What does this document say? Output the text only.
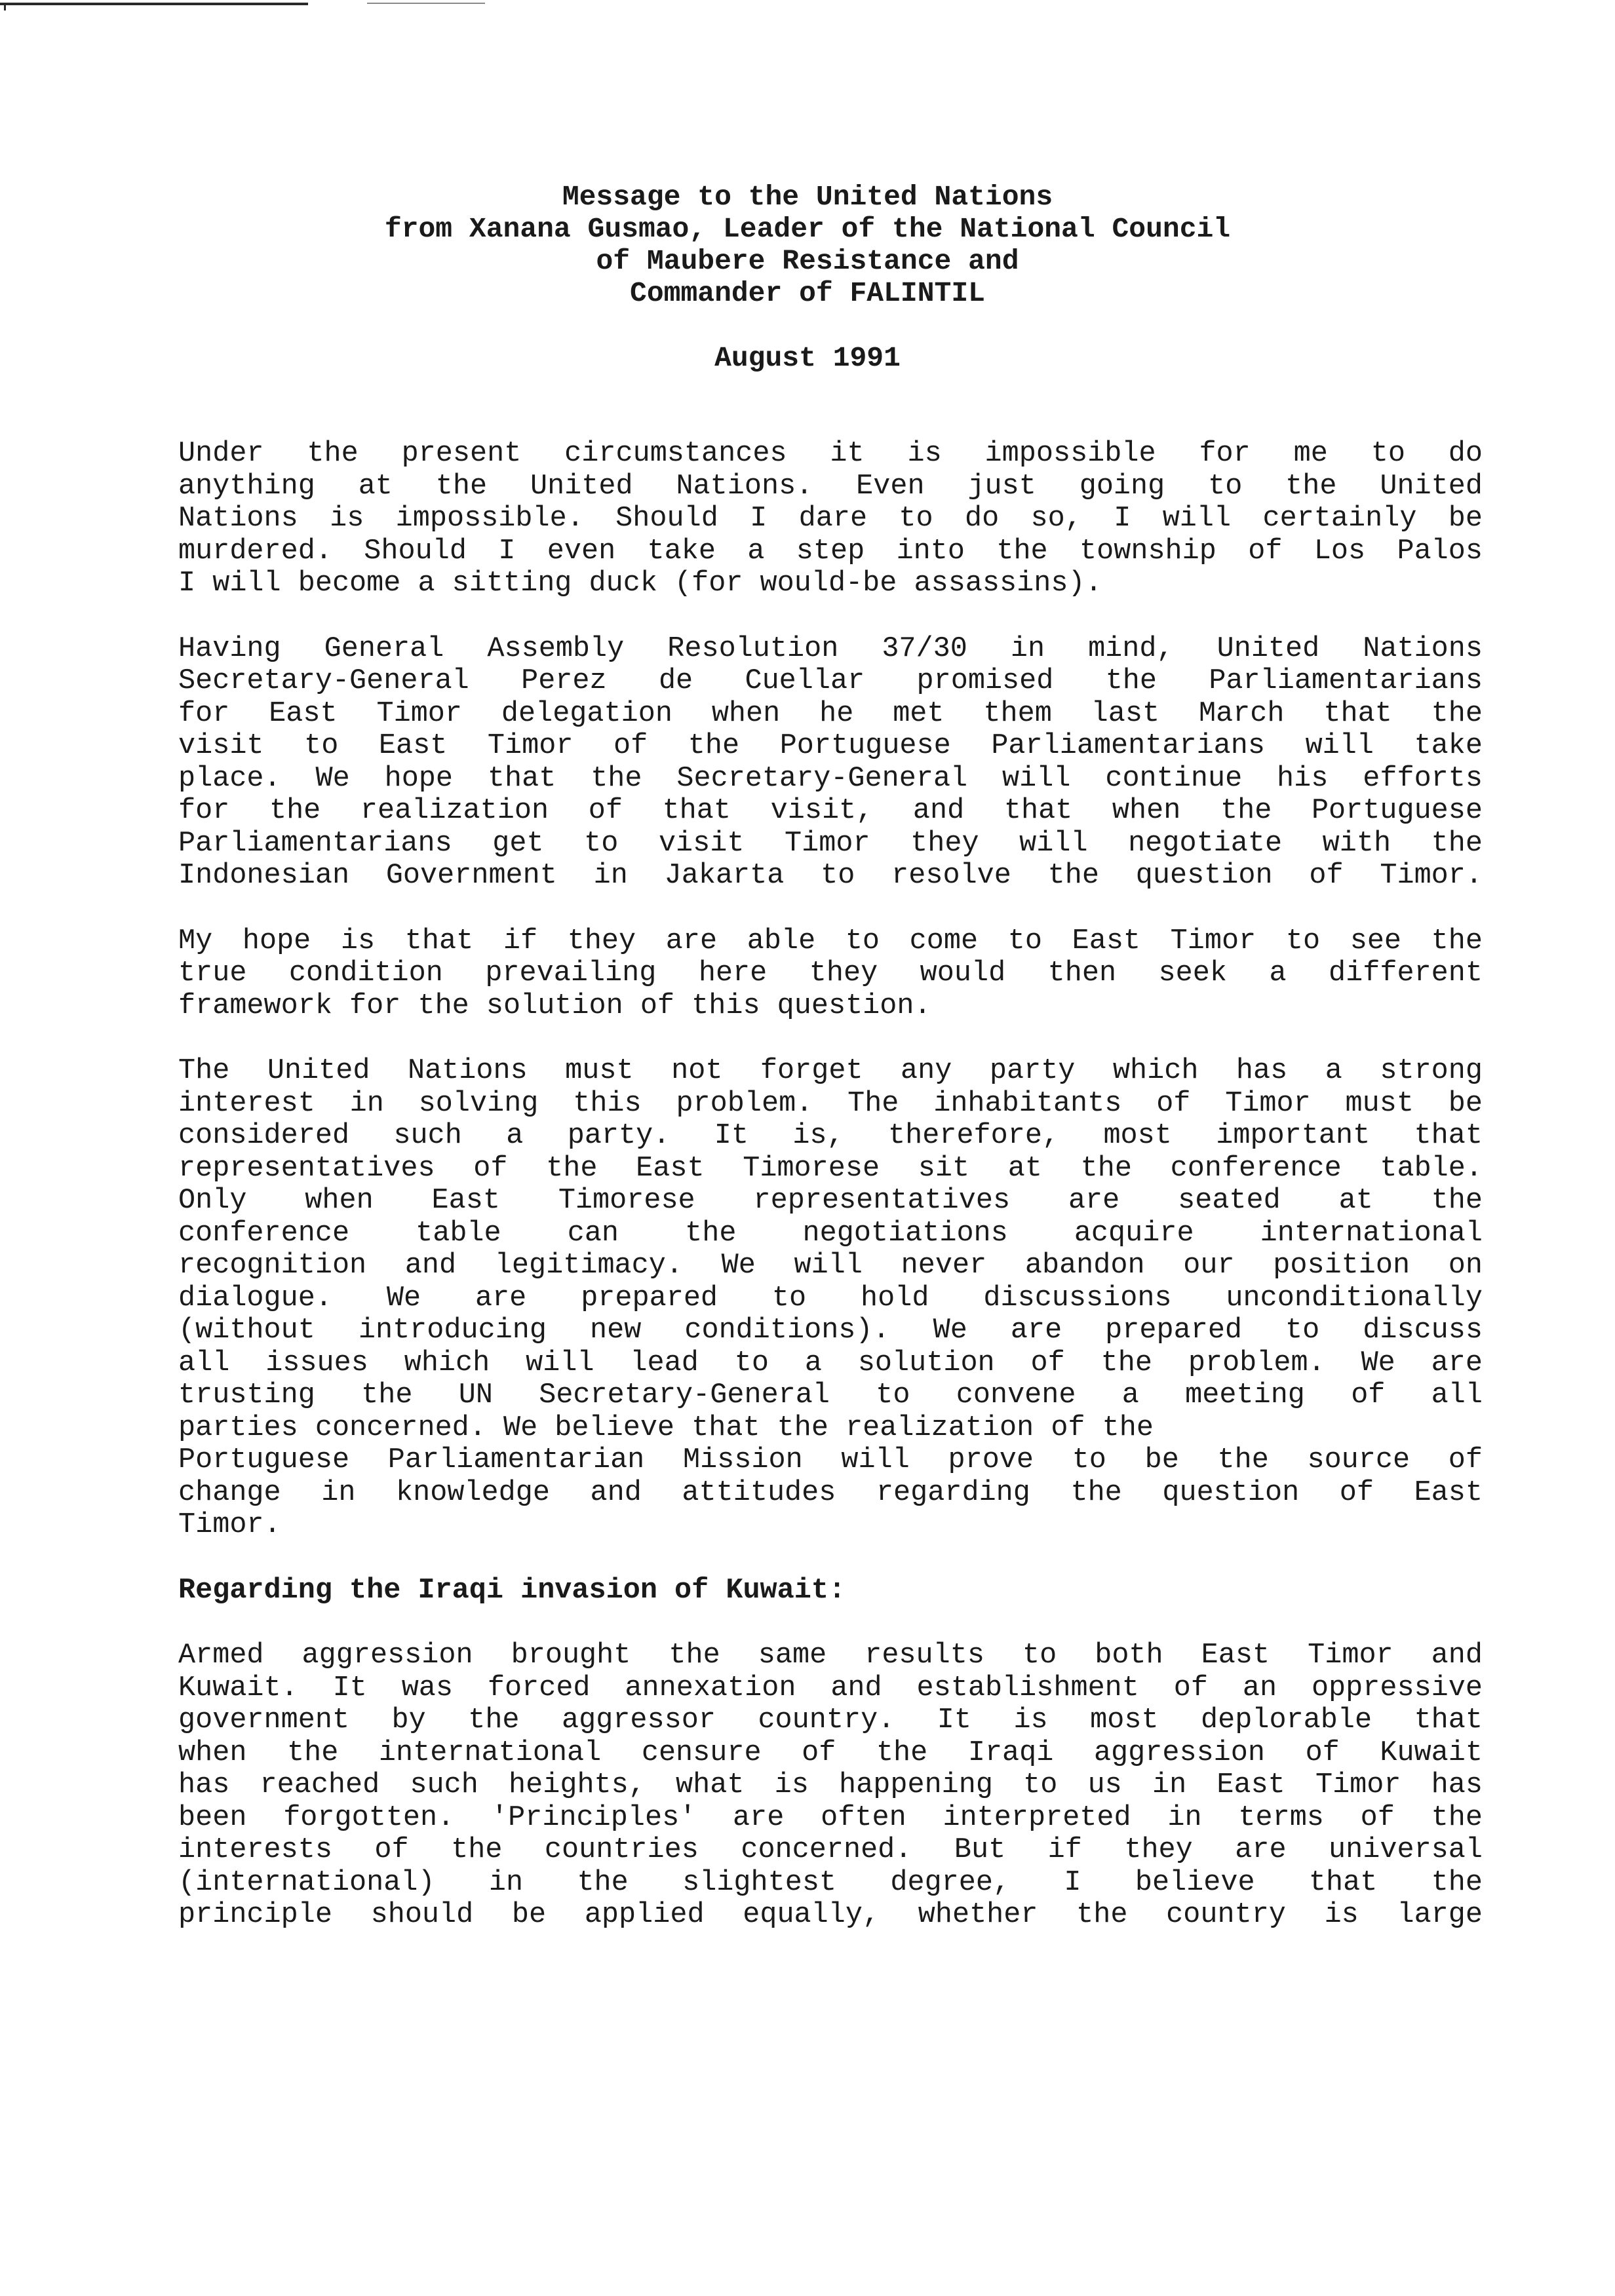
Message to the United Nations
from Xanana Gusmao, Leader of the National Council
of Maubere Resistance and
Commander of FALINTIL
August 1991
Under the present circumstances it is impossible for me to do
anything at the United Nations. Even just going to the United
Nations is impossible. Should I dare to do so, I will certainly be
murdered. Should I even take a step into the township of Los Palos
I will become a sitting duck (for would-be assassins).
Having General Assembly Resolution 37/30 in mind, United Nations
Secretary-General Perez de Cuellar promised the Parliamentarians
for East Timor delegation when he met them last March that the
visit to East Timor of the Portuguese Parliamentarians will take
place. We hope that the Secretary-General will continue his efforts
for the realization of that visit, and that when the Portuguese
Parliamentarians get to visit Timor they will negotiate with the
Indonesian Government in Jakarta to resolve the question of Timor.
My hope is that if they are able to come to East Timor to see the
true condition prevailing here they would then seek a different
framework for the solution of this question.
The United Nations must not forget any party which has a strong
interest in solving this problem. The inhabitants of Timor must be
considered such a party. It is, therefore, most important that
representatives of the East Timorese sit at the conference table.
Only when East Timorese representatives are seated at the
conference table can the negotiations acquire international
recognition and legitimacy. We will never abandon our position on
dialogue. We are prepared to hold discussions unconditionally
(without introducing new conditions). We are prepared to discuss
all issues which will lead to a solution of the problem. We are
trusting the UN Secretary-General to convene a meeting of all
parties concerned. We believe that the realization of the
Portuguese Parliamentarian Mission will prove to be the source of
change in knowledge and attitudes regarding the question of East
Timor.
Regarding the Iraqi invasion of Kuwait:
Armed aggression brought the same results to both East Timor and
Kuwait. It was forced annexation and establishment of an oppressive
government by the aggressor country. It is most deplorable that
when the international censure of the Iraqi aggression of Kuwait
has reached such heights, what is happening to us in East Timor has
been forgotten. 'Principles' are often interpreted in terms of the
interests of the countries concerned. But if they are universal
(international) in the slightest degree, I believe that the
principle should be applied equally, whether the country is large
